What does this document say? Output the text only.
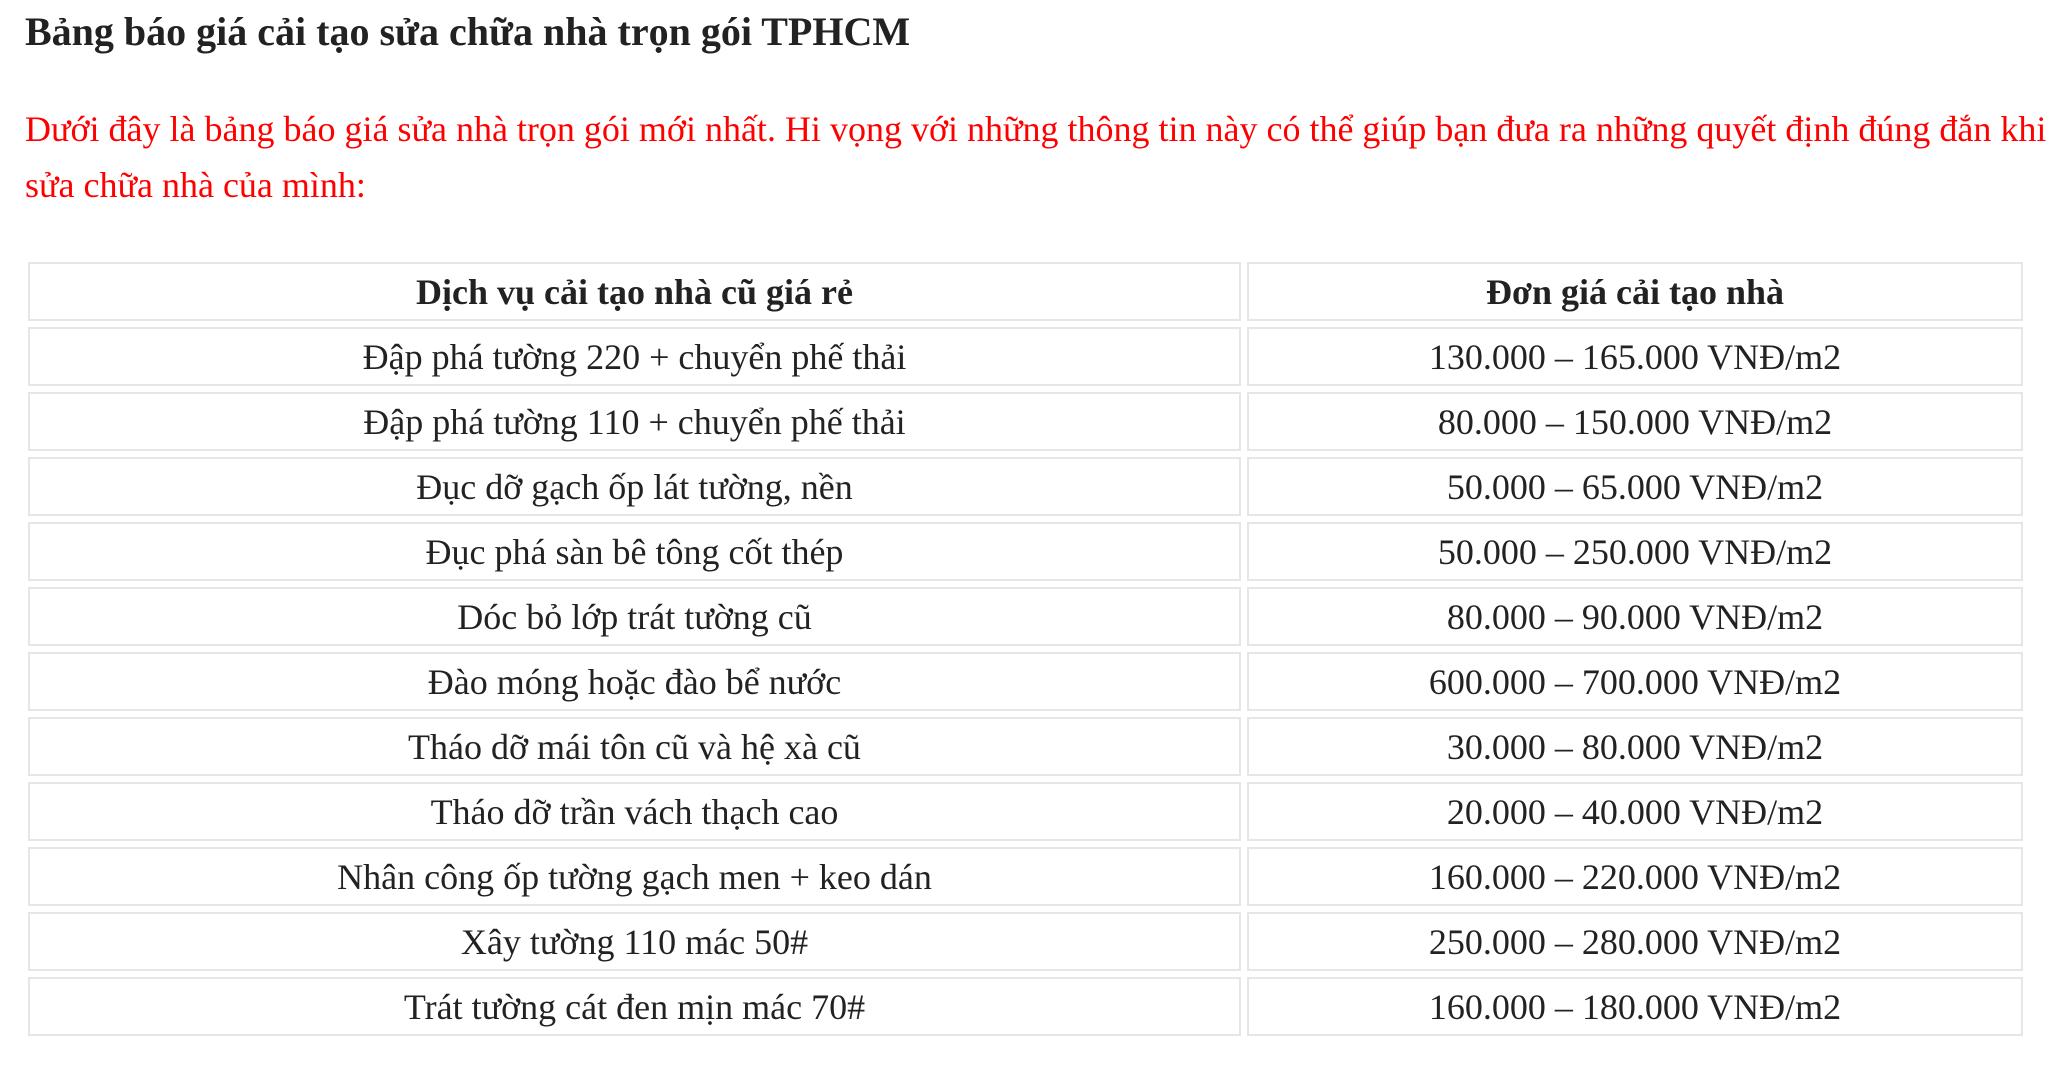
Bảng báo giá cải tạo sửa chữa nhà trọn gói TPHCM

Dưới đây là bảng báo giá sửa nhà trọn gói mới nhất. Hi vọng với những thông tin này có thể giúp bạn đưa ra những quyết định đúng đắn khi sửa chữa nhà của mình:

Dịch vụ cải tạo nhà cũ giá rẻ	Đơn giá cải tạo nhà
Đập phá tường 220 + chuyển phế thải	130.000 – 165.000 VNĐ/m2
Đập phá tường 110 + chuyển phế thải	80.000 – 150.000 VNĐ/m2
Đục dỡ gạch ốp lát tường, nền	50.000 – 65.000 VNĐ/m2
Đục phá sàn bê tông cốt thép	50.000 – 250.000 VNĐ/m2
Dóc bỏ lớp trát tường cũ	80.000 – 90.000 VNĐ/m2
Đào móng hoặc đào bể nước	600.000 – 700.000 VNĐ/m2
Tháo dỡ mái tôn cũ và hệ xà cũ	30.000 – 80.000 VNĐ/m2
Tháo dỡ trần vách thạch cao	20.000 – 40.000 VNĐ/m2
Nhân công ốp tường gạch men + keo dán	160.000 – 220.000 VNĐ/m2
Xây tường 110 mác 50#	250.000 – 280.000 VNĐ/m2
Trát tường cát đen mịn mác 70#	160.000 – 180.000 VNĐ/m2
